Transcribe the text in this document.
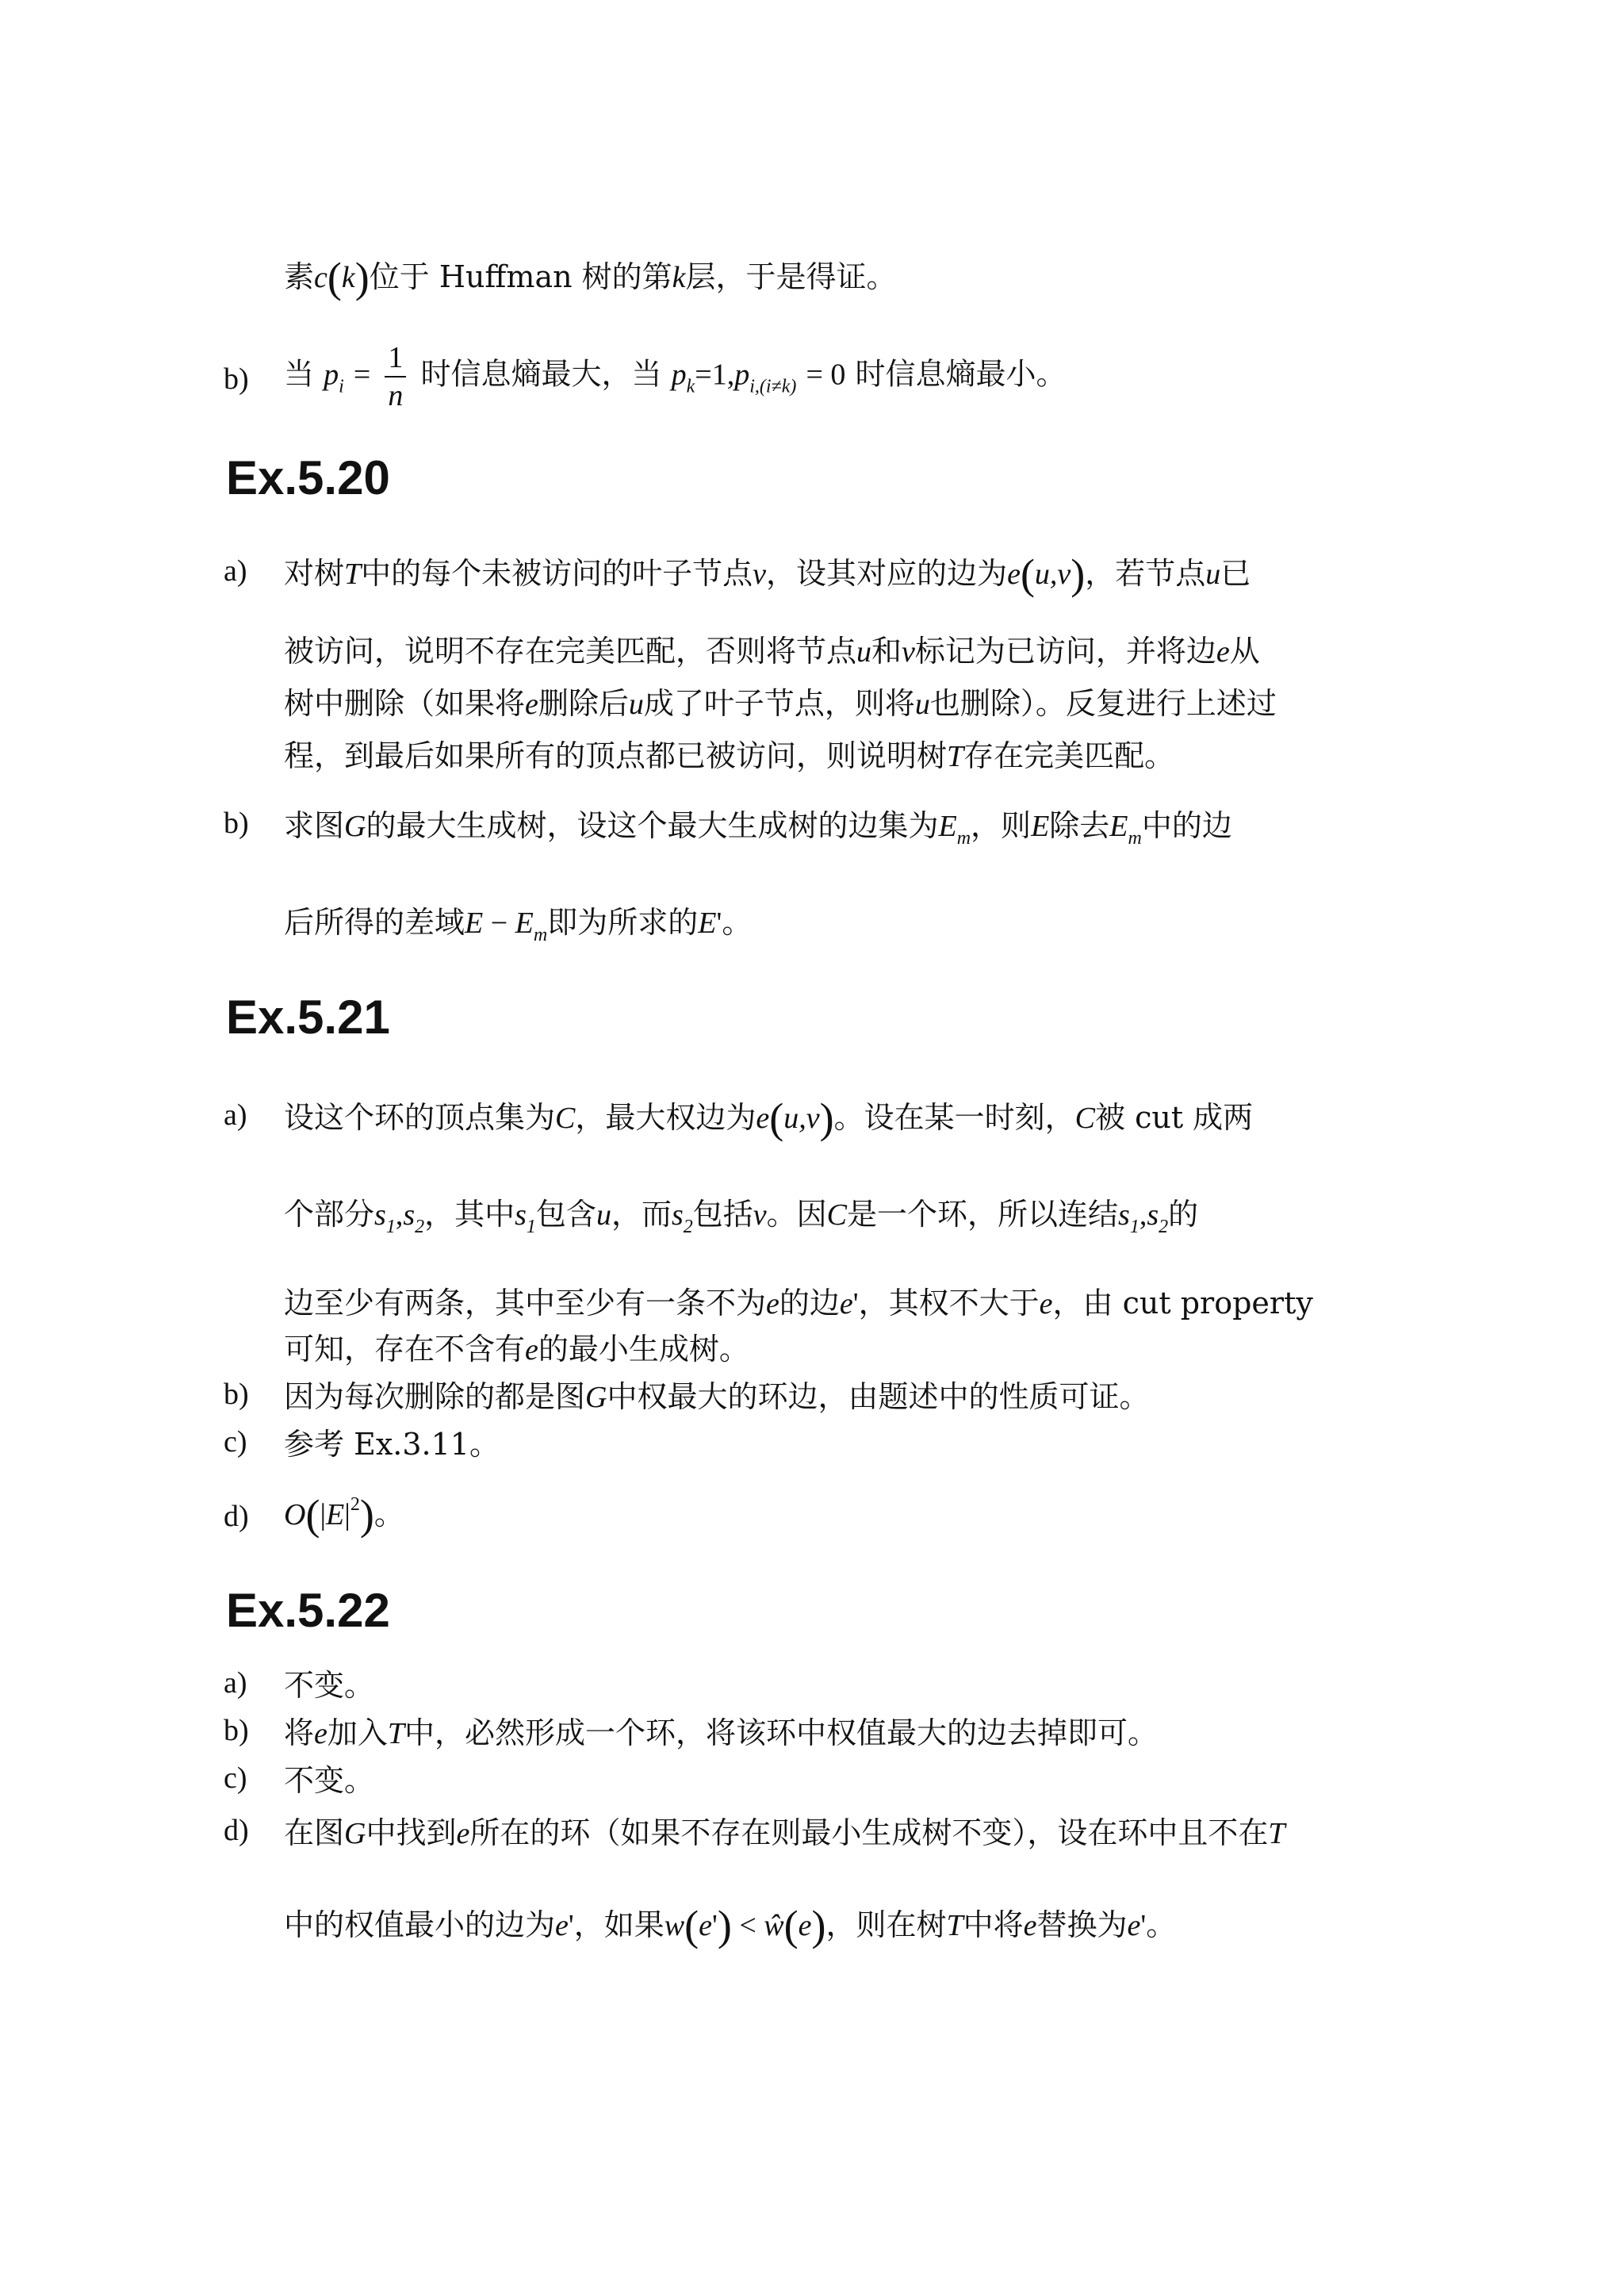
素c(k)位于 Huffman 树的第k层，于是得证。
b) 当 $p_i = \frac{1}{n}$ 时信息熵最大，当 $p_k=1,p_{i,(i\ne k)} = 0$ 时信息熵最小。
Ex.5.20
a) 对树T中的每个未被访问的叶子节点v，设其对应的边为e(u,v)，若节点u已
被访问，说明不存在完美匹配，否则将节点u和v标记为已访问，并将边e从
树中删除（如果将e删除后u成了叶子节点，则将u也删除）。反复进行上述过
程，到最后如果所有的顶点都已被访问，则说明树T存在完美匹配。
b) 求图G的最大生成树，设这个最大生成树的边集为$E_m$，则E除去$E_m$中的边
后所得的差域$E - E_m$即为所求的E'。
Ex.5.21
a) 设这个环的顶点集为C，最大权边为e(u,v)。设在某一时刻，C被 cut 成两
个部分$s_1,s_2$，其中$s_1$包含u，而$s_2$包括v。因C是一个环，所以连结$s_1,s_2$的
边至少有两条，其中至少有一条不为e的边e'，其权不大于e，由 cut property
可知，存在不含有e的最小生成树。
b) 因为每次删除的都是图G中权最大的环边，由题述中的性质可证。
c) 参考 Ex.3.11。
d) $O(|E|^2)$。
Ex.5.22
a) 不变。
b) 将e加入T中，必然形成一个环，将该环中权值最大的边去掉即可。
c) 不变。
d) 在图G中找到e所在的环（如果不存在则最小生成树不变），设在环中且不在T
中的权值最小的边为e'，如果w(e') < ŵ(e)，则在树T中将e替换为e'。
